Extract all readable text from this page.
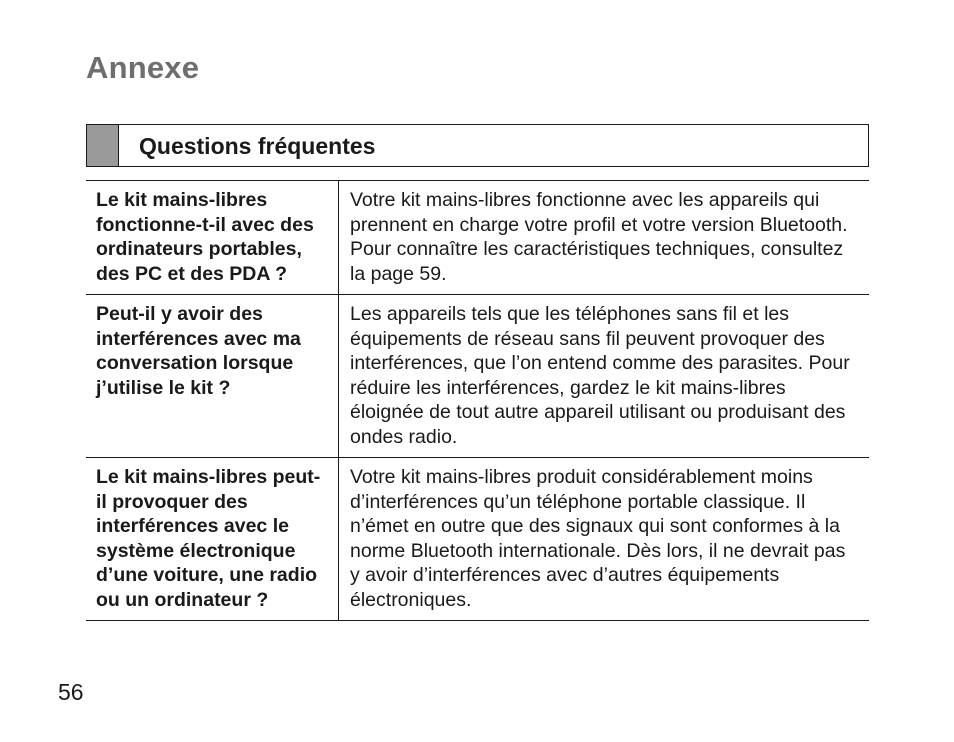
Annexe
Questions fréquentes
Le kit mains-libres fonctionne-t-il avec des ordinateurs portables, des PC et des PDA ?	Votre kit mains-libres fonctionne avec les appareils qui prennent en charge votre profil et votre version Bluetooth. Pour connaître les caractéristiques techniques, consultez la page 59.
Peut-il y avoir des interférences avec ma conversation lorsque j’utilise le kit ?	Les appareils tels que les téléphones sans fil et les équipements de réseau sans fil peuvent provoquer des interférences, que l’on entend comme des parasites. Pour réduire les interférences, gardez le kit mains-libres éloignée de tout autre appareil utilisant ou produisant des ondes radio.
Le kit mains-libres peut-il provoquer des interférences avec le système électronique d’une voiture, une radio ou un ordinateur ?	Votre kit mains-libres produit considérablement moins d’interférences qu’un téléphone portable classique. Il n’émet en outre que des signaux qui sont conformes à la norme Bluetooth internationale. Dès lors, il ne devrait pas y avoir d’interférences avec d’autres équipements électroniques.
56
